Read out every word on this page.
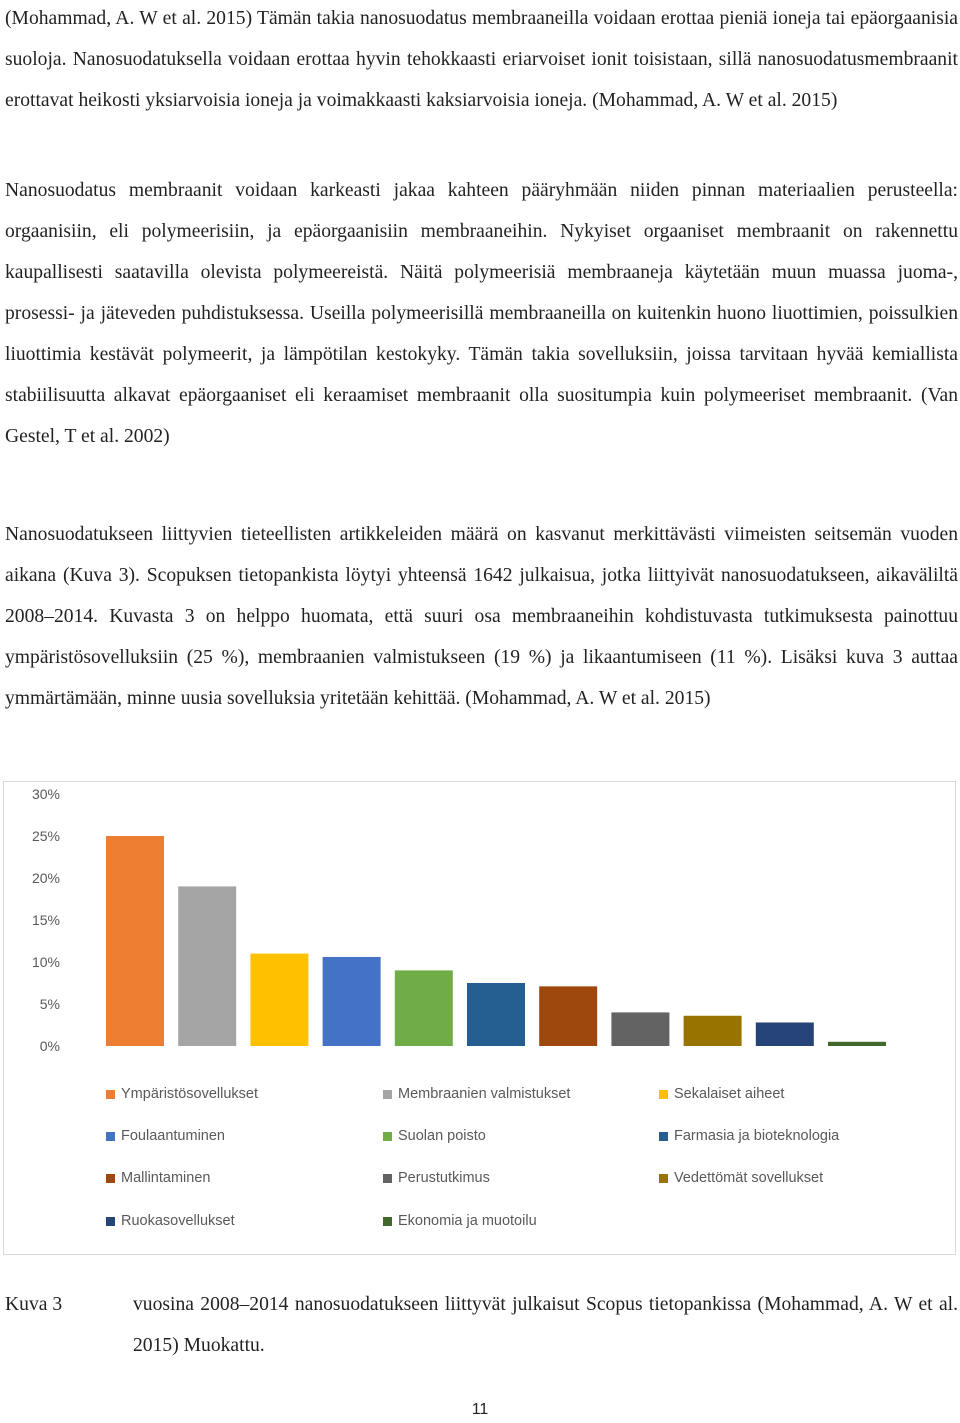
(Mohammad, A. W et al. 2015) Tämän takia nanosuodatus membraaneilla voidaan erottaa pieniä ioneja tai epäorgaanisia suoloja. Nanosuodatuksella voidaan erottaa hyvin tehokkaasti eriarvoiset ionit toisistaan, sillä nanosuodatusmembraanit erottavat heikosti yksiarvoisia ioneja ja voimakkaasti kaksiarvoisia ioneja. (Mohammad, A. W et al. 2015)

Nanosuodatus membraanit voidaan karkeasti jakaa kahteen pääryhmään niiden pinnan materiaalien perusteella: orgaanisiin, eli polymeerisiin, ja epäorgaanisiin membraaneihin. Nykyiset orgaaniset membraanit on rakennettu kaupallisesti saatavilla olevista polymeereistä. Näitä polymeerisiä membraaneja käytetään muun muassa juoma-, prosessi- ja jäteveden puhdistuksessa. Useilla polymeerisillä membraaneilla on kuitenkin huono liuottimien, poissulkien liuottimia kestävät polymeerit, ja lämpötilan kestokyky. Tämän takia sovelluksiin, joissa tarvitaan hyvää kemiallista stabiilisuutta alkavat epäorgaaniset eli keraamiset membraanit olla suositumpia kuin polymeeriset membraanit. (Van Gestel, T et al. 2002)

Nanosuodatukseen liittyvien tieteellisten artikkeleiden määrä on kasvanut merkittävästi viimeisten seitsemän vuoden aikana (Kuva 3). Scopuksen tietopankista löytyi yhteensä 1642 julkaisua, jotka liittyivät nanosuodatukseen, aikaväliltä 2008–2014. Kuvasta 3 on helppo huomata, että suuri osa membraaneihin kohdistuvasta tutkimuksesta painottuu ympäristösovelluksiin (25 %), membraanien valmistukseen (19 %) ja likaantumiseen (11 %). Lisäksi kuva 3 auttaa ymmärtämään, minne uusia sovelluksia yritetään kehittää. (Mohammad, A. W et al. 2015)

0%
5%
10%
15%
20%
25%
30%
Ympäristösovellukset	Membraanien valmistukset	Sekalaiset aiheet
Foulaantuminen	Suolan poisto	Farmasia ja bioteknologia
Mallintaminen	Perustutkimus	Vedettömät sovellukset
Ruokasovellukset	Ekonomia ja muotoilu
Kuva 3	vuosina 2008–2014 nanosuodatukseen liittyvät julkaisut Scopus tietopankissa (Mohammad, A. W et al. 2015) Muokattu.

11
